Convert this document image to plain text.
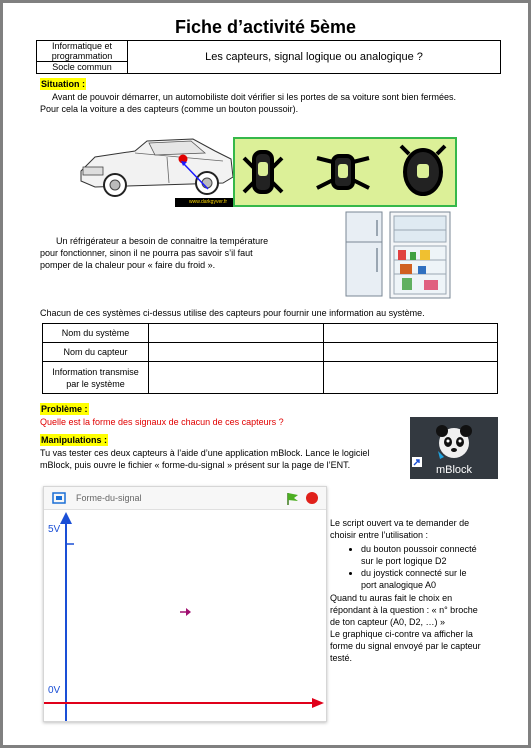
Fiche d’activité 5ème
Informatique et
programmation	Les capteurs, signal logique ou analogique ?
Socle commun
Situation :
Avant de pouvoir démarrer, un automobiliste doit vérifier si les portes de sa voiture sont bien fermées.
Pour cela la voiture a des capteurs (comme un bouton poussoir).
www.darkgyver.fr
Un réfrigérateur a besoin de connaitre la température
pour fonctionner, sinon il ne pourra pas savoir s’il faut
pomper de la chaleur pour « faire du froid ».
Chacun de ces systèmes ci-dessus utilise des capteurs pour fournir une information au système.
Nom du système		
Nom du capteur		
Information transmise
par le système		
Problème :
Quelle est la forme des signaux de chacun de ces capteurs ?
Manipulations :
Tu vas tester ces deux capteurs à l’aide d’une application mBlock. Lance le logiciel
mBlock, puis ouvre le fichier « forme-du-signal » présent sur la page de l’ENT.	mBlock
Forme-du-signal
5V
0V
Le script ouvert va te demander de
choisir entre l’utilisation :
• du bouton poussoir connecté
sur le port logique D2
• du joystick connecté sur le
port analogique A0
Quand tu auras fait le choix en
répondant à la question : « n° broche
de ton capteur (A0, D2, …) »
Le graphique ci-contre va afficher la
forme du signal envoyé par le capteur
testé.
